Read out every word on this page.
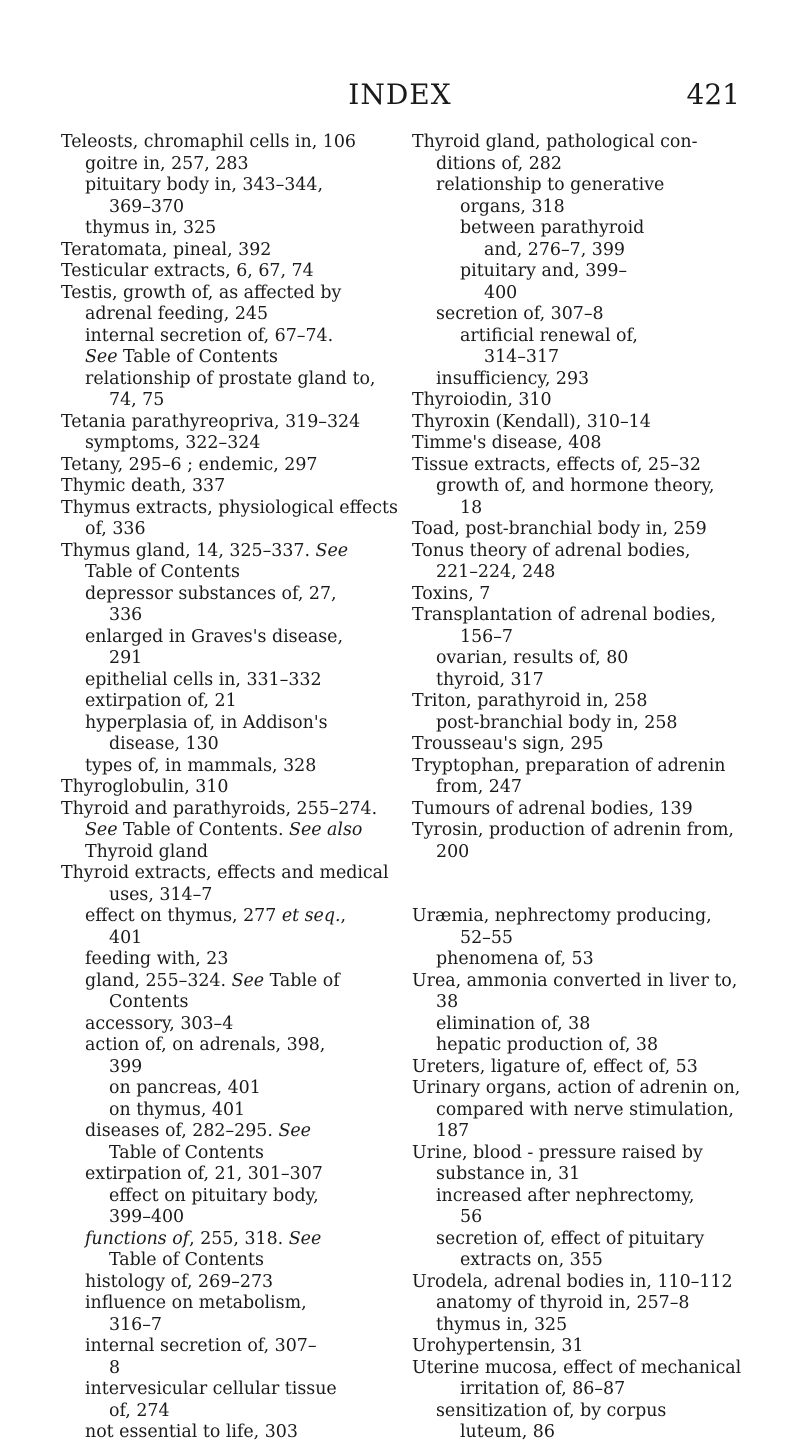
INDEX	421
Teleosts, chromaphil cells in, 106
goitre in, 257, 283
pituitary body in, 343–344,
369–370
thymus in, 325
Teratomata, pineal, 392
Testicular extracts, 6, 67, 74
Testis, growth of, as affected by
adrenal feeding, 245
internal secretion of, 67–74.
See Table of Contents
relationship of prostate gland to,
74, 75
Tetania parathyreopriva, 319–324
symptoms, 322–324
Tetany, 295–6 ; endemic, 297
Thymic death, 337
Thymus extracts, physiological effects
of, 336
Thymus gland, 14, 325–337. See
Table of Contents
depressor substances of, 27,
336
enlarged in Graves's disease,
291
epithelial cells in, 331–332
extirpation of, 21
hyperplasia of, in Addison's
disease, 130
types of, in mammals, 328
Thyroglobulin, 310
Thyroid and parathyroids, 255–274.
See Table of Contents. See also
Thyroid gland
Thyroid extracts, effects and medical
uses, 314–7
effect on thymus, 277 et seq.,
401
feeding with, 23
gland, 255–324. See Table of
Contents
accessory, 303–4
action of, on adrenals, 398,
399
on pancreas, 401
on thymus, 401
diseases of, 282–295. See
Table of Contents
extirpation of, 21, 301–307
effect on pituitary body,
399–400
functions of, 255, 318. See
Table of Contents
histology of, 269–273
influence on metabolism,
316–7
internal secretion of, 307–
8
intervesicular cellular tissue
of, 274
not essential to life, 303
Thyroid gland, pathological con-
ditions of, 282
relationship to generative
organs, 318
between parathyroid
and, 276–7, 399
pituitary and, 399–
400
secretion of, 307–8
artificial renewal of,
314–317
insufficiency, 293
Thyroiodin, 310
Thyroxin (Kendall), 310–14
Timme's disease, 408
Tissue extracts, effects of, 25–32
growth of, and hormone theory,
18
Toad, post-branchial body in, 259
Tonus theory of adrenal bodies,
221–224, 248
Toxins, 7
Transplantation of adrenal bodies,
156–7
ovarian, results of, 80
thyroid, 317
Triton, parathyroid in, 258
post-branchial body in, 258
Trousseau's sign, 295
Tryptophan, preparation of adrenin
from, 247
Tumours of adrenal bodies, 139
Tyrosin, production of adrenin from,
200
Uræmia, nephrectomy producing,
52–55
phenomena of, 53
Urea, ammonia converted in liver to,
38
elimination of, 38
hepatic production of, 38
Ureters, ligature of, effect of, 53
Urinary organs, action of adrenin on,
compared with nerve stimulation,
187
Urine, blood - pressure raised by
substance in, 31
increased after nephrectomy,
56
secretion of, effect of pituitary
extracts on, 355
Urodela, adrenal bodies in, 110–112
anatomy of thyroid in, 257–8
thymus in, 325
Urohypertensin, 31
Uterine mucosa, effect of mechanical
irritation of, 86–87
sensitization of, by corpus
luteum, 86
